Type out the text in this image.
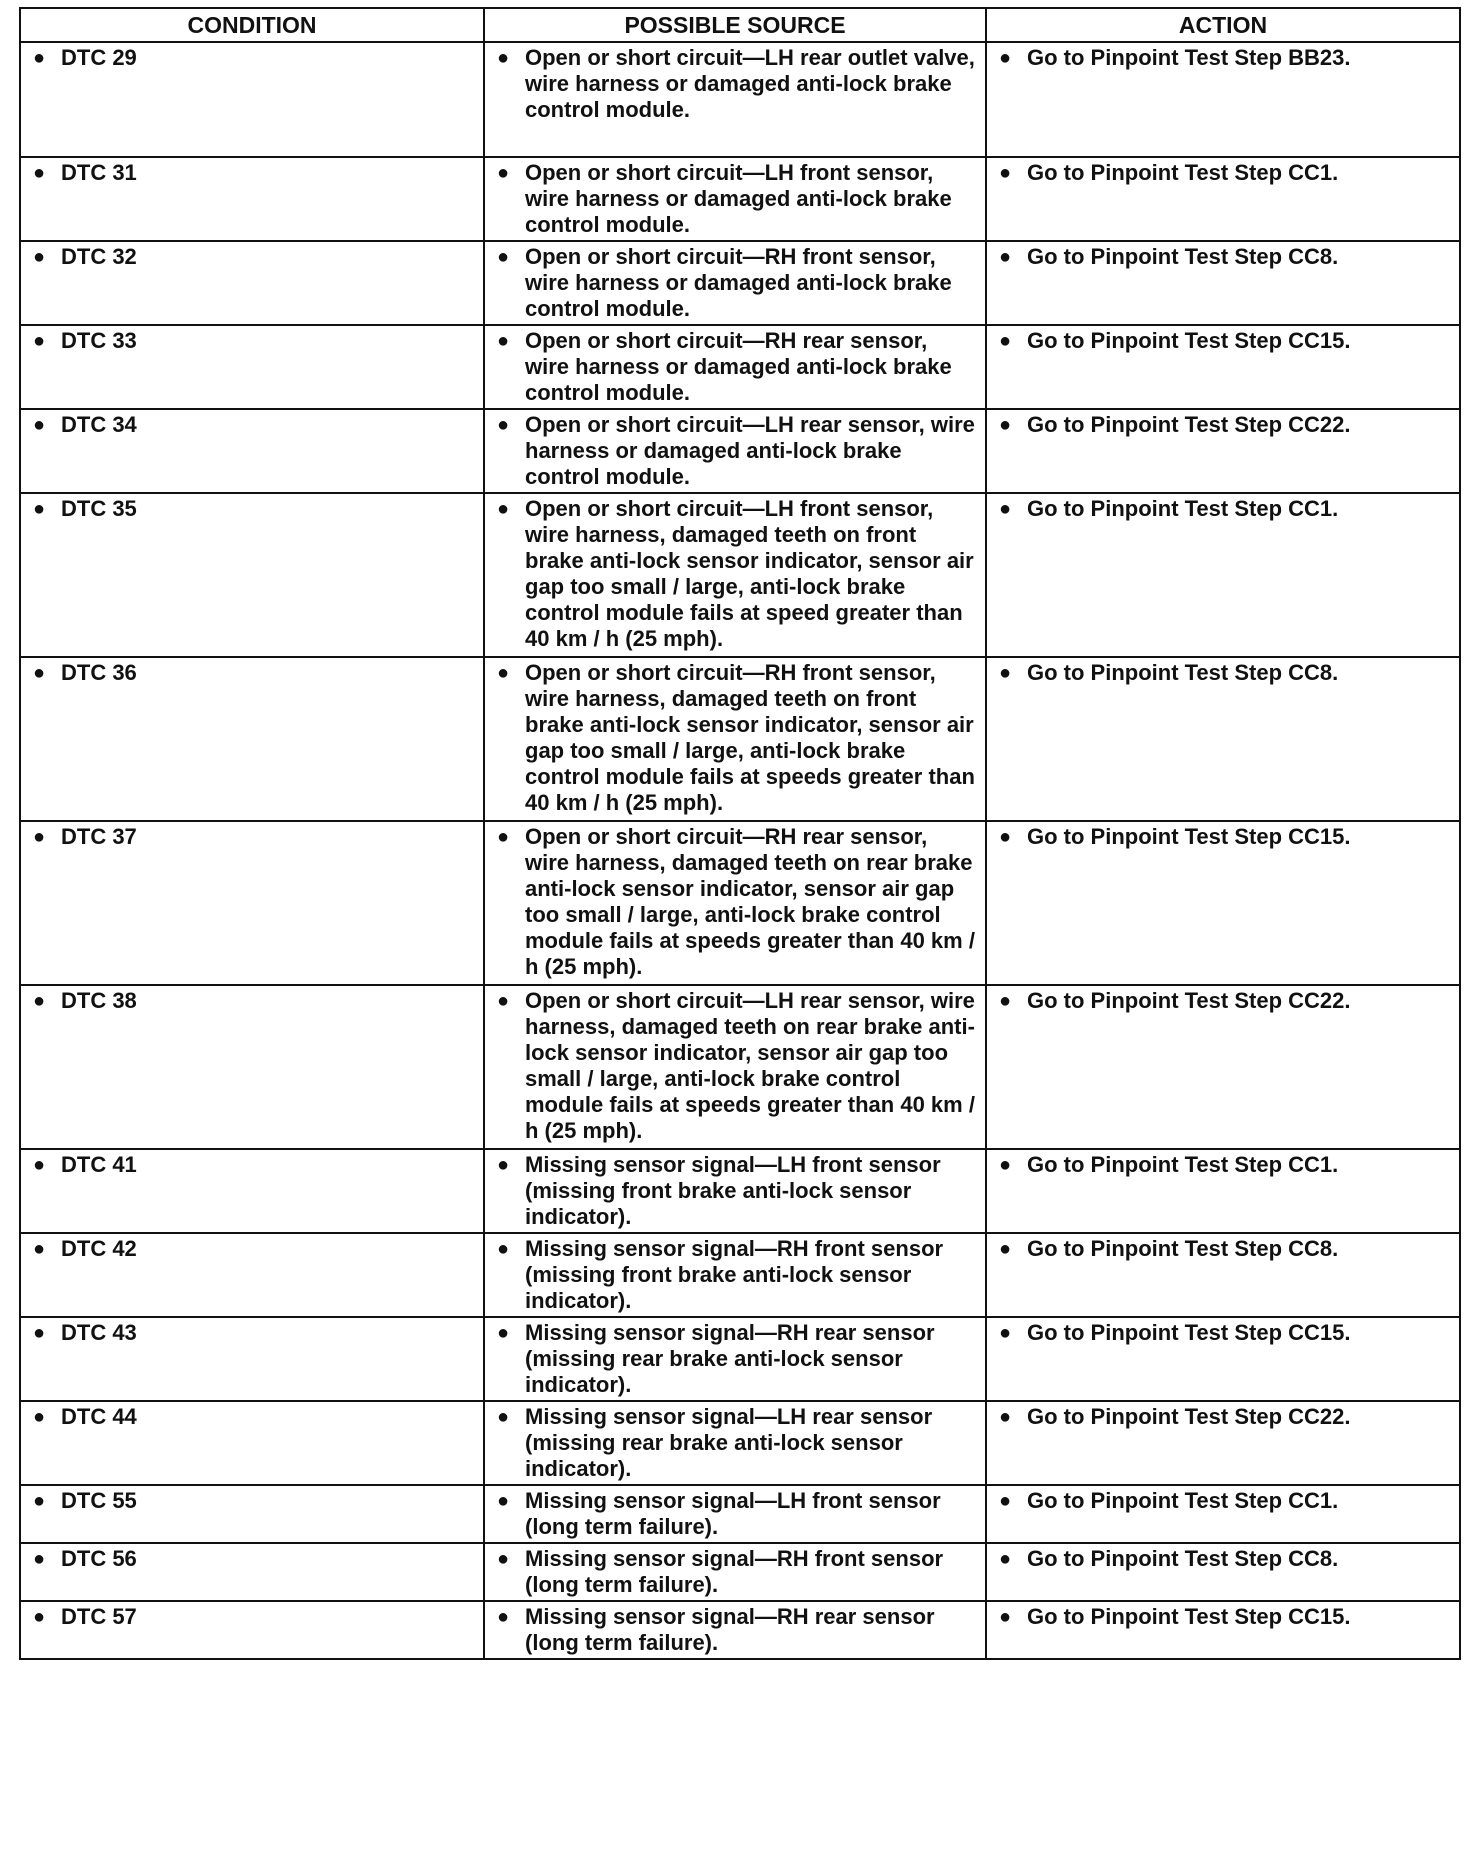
CONDITION	POSSIBLE SOURCE	ACTION

● DTC 29	● Open or short circuit—LH rear outlet valve, wire harness or damaged anti-lock brake control module.	● Go to Pinpoint Test Step BB23.

● DTC 31	● Open or short circuit—LH front sensor, wire harness or damaged anti-lock brake control module.	● Go to Pinpoint Test Step CC1.

● DTC 32	● Open or short circuit—RH front sensor, wire harness or damaged anti-lock brake control module.	● Go to Pinpoint Test Step CC8.

● DTC 33	● Open or short circuit—RH rear sensor, wire harness or damaged anti-lock brake control module.	● Go to Pinpoint Test Step CC15.

● DTC 34	● Open or short circuit—LH rear sensor, wire harness or damaged anti-lock brake control module.	● Go to Pinpoint Test Step CC22.

● DTC 35	● Open or short circuit—LH front sensor, wire harness, damaged teeth on front brake anti-lock sensor indicator, sensor air gap too small / large, anti-lock brake control module fails at speed greater than 40 km / h (25 mph).	● Go to Pinpoint Test Step CC1.

● DTC 36	● Open or short circuit—RH front sensor, wire harness, damaged teeth on front brake anti-lock sensor indicator, sensor air gap too small / large, anti-lock brake control module fails at speeds greater than 40 km / h (25 mph).	● Go to Pinpoint Test Step CC8.

● DTC 37	● Open or short circuit—RH rear sensor, wire harness, damaged teeth on rear brake anti-lock sensor indicator, sensor air gap too small / large, anti-lock brake control module fails at speeds greater than 40 km / h (25 mph).	● Go to Pinpoint Test Step CC15.

● DTC 38	● Open or short circuit—LH rear sensor, wire harness, damaged teeth on rear brake anti-lock sensor indicator, sensor air gap too small / large, anti-lock brake control module fails at speeds greater than 40 km / h (25 mph).	● Go to Pinpoint Test Step CC22.

● DTC 41	● Missing sensor signal—LH front sensor (missing front brake anti-lock sensor indicator).	● Go to Pinpoint Test Step CC1.

● DTC 42	● Missing sensor signal—RH front sensor (missing front brake anti-lock sensor indicator).	● Go to Pinpoint Test Step CC8.

● DTC 43	● Missing sensor signal—RH rear sensor (missing rear brake anti-lock sensor indicator).	● Go to Pinpoint Test Step CC15.

● DTC 44	● Missing sensor signal—LH rear sensor (missing rear brake anti-lock sensor indicator).	● Go to Pinpoint Test Step CC22.

● DTC 55	● Missing sensor signal—LH front sensor (long term failure).	● Go to Pinpoint Test Step CC1.

● DTC 56	● Missing sensor signal—RH front sensor (long term failure).	● Go to Pinpoint Test Step CC8.

● DTC 57	● Missing sensor signal—RH rear sensor (long term failure).	● Go to Pinpoint Test Step CC15.
